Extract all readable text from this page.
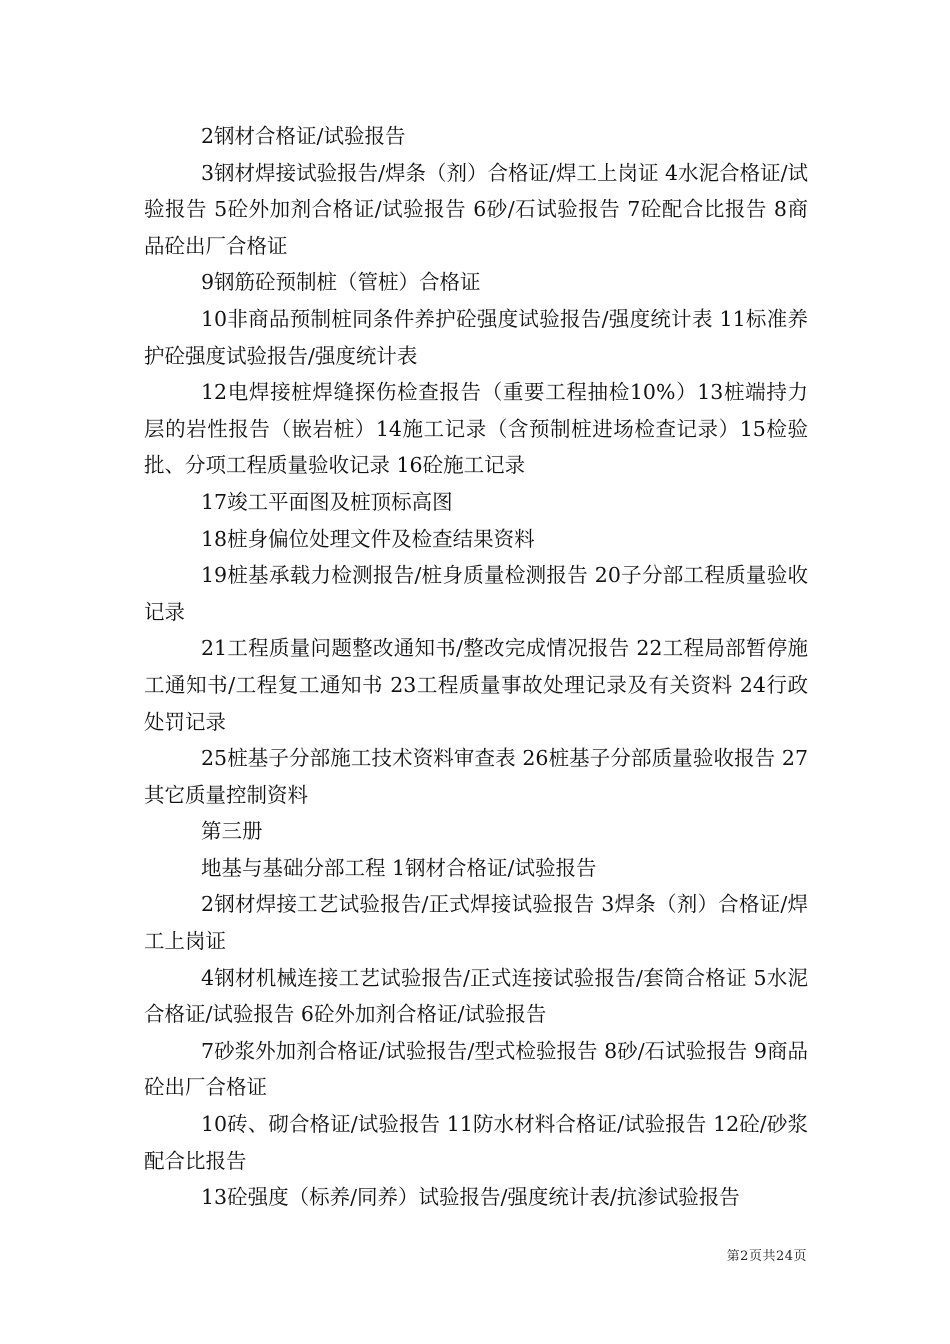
2钢材合格证/试验报告

3钢材焊接试验报告/焊条（剂）合格证/焊工上岗证 4水泥合格证/试验报告 5砼外加剂合格证/试验报告 6砂/石试验报告 7砼配合比报告 8商品砼出厂合格证

9钢筋砼预制桩（管桩）合格证

10非商品预制桩同条件养护砼强度试验报告/强度统计表 11标准养护砼强度试验报告/强度统计表

12电焊接桩焊缝探伤检查报告（重要工程抽检10%）13桩端持力层的岩性报告（嵌岩桩）14施工记录（含预制桩进场检查记录）15检验批、分项工程质量验收记录 16砼施工记录

17竣工平面图及桩顶标高图

18桩身偏位处理文件及检查结果资料

19桩基承载力检测报告/桩身质量检测报告 20子分部工程质量验收记录

21工程质量问题整改通知书/整改完成情况报告 22工程局部暂停施工通知书/工程复工通知书 23工程质量事故处理记录及有关资料 24行政处罚记录

25桩基子分部施工技术资料审查表 26桩基子分部质量验收报告 27其它质量控制资料

第三册

地基与基础分部工程 1钢材合格证/试验报告

2钢材焊接工艺试验报告/正式焊接试验报告 3焊条（剂）合格证/焊工上岗证

4钢材机械连接工艺试验报告/正式连接试验报告/套筒合格证 5水泥合格证/试验报告 6砼外加剂合格证/试验报告

7砂浆外加剂合格证/试验报告/型式检验报告 8砂/石试验报告 9商品砼出厂合格证

10砖、砌合格证/试验报告 11防水材料合格证/试验报告 12砼/砂浆配合比报告

13砼强度（标养/同养）试验报告/强度统计表/抗渗试验报告

第2页共24页
